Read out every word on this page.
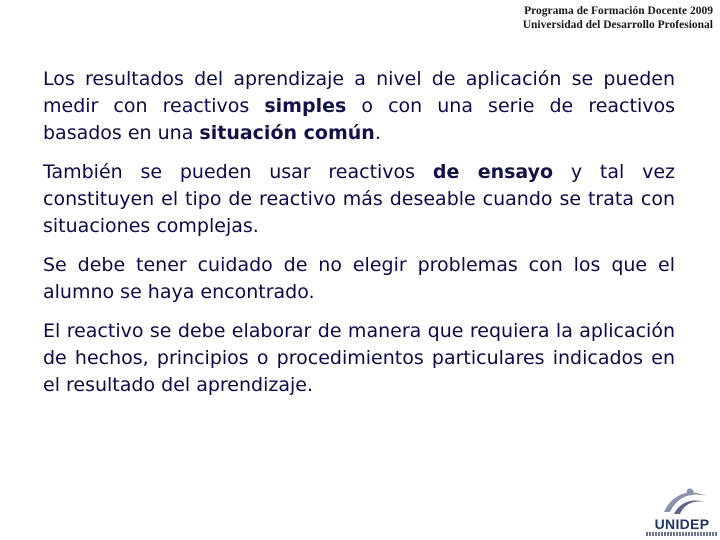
Programa de Formación Docente 2009
Universidad del Desarrollo Profesional

Los resultados del aprendizaje a nivel de aplicación se pueden medir con reactivos simples o con una serie de reactivos basados en una situación común.

También se pueden usar reactivos de ensayo y tal vez constituyen el tipo de reactivo más deseable cuando se trata con situaciones complejas.

Se debe tener cuidado de no elegir problemas con los que el alumno se haya encontrado.

El reactivo se debe elaborar de manera que requiera la aplicación de hechos, principios o procedimientos particulares indicados en el resultado del aprendizaje.

UNIDEP
